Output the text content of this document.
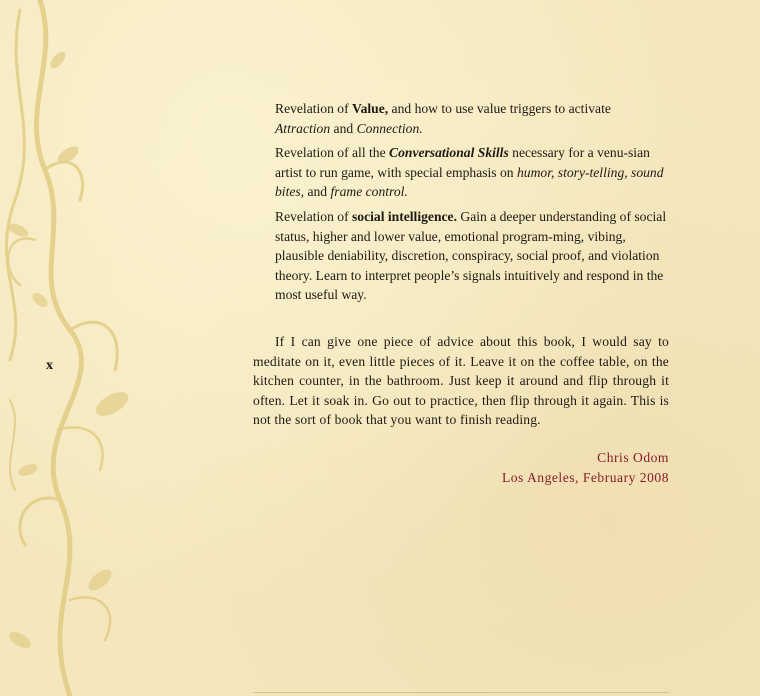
x

Revelation of Value, and how to use value triggers to activate Attraction and Connection.

Revelation of all the Conversational Skills necessary for a venu-sian artist to run game, with special emphasis on humor, story-telling, sound bites, and frame control.

Revelation of social intelligence. Gain a deeper understanding of social status, higher and lower value, emotional program-ming, vibing, plausible deniability, discretion, conspiracy, social proof, and violation theory. Learn to interpret people’s signals intuitively and respond in the most useful way.

If I can give one piece of advice about this book, I would say to meditate on it, even little pieces of it. Leave it on the coffee table, on the kitchen counter, in the bathroom. Just keep it around and flip through it often. Let it soak in. Go out to practice, then flip through it again. This is not the sort of book that you want to finish reading.

Chris Odom
Los Angeles, February 2008
